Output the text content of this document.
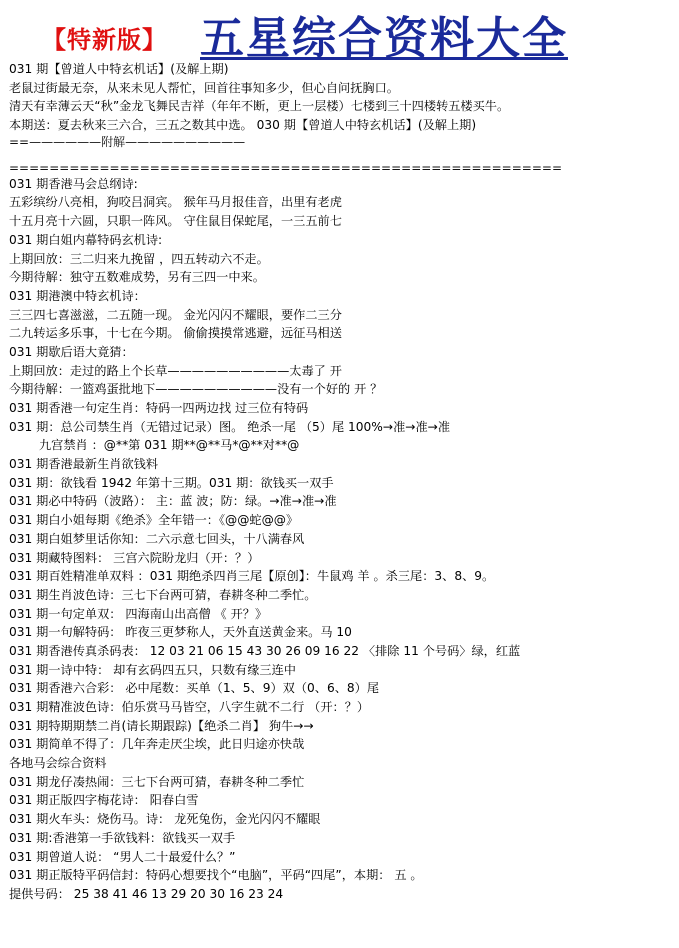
【特新版】 五星综合资料大全
031 期【曾道人中特玄机话】(及解上期)
老鼠过街最无奈，从来未见人帮忙，回首往事知多少，但心自问抚胸口。
清天有幸薄云天“秋”金龙飞舞民吉祥（年年不断，更上一层楼）七楼到三十四楼转五楼买牛。
本期送：夏去秋来三六合，三五之数其中选。 030 期【曾道人中特玄机话】(及解上期)
==——————附解——————————
=======================================================
031 期香港马会总纲诗:
五彩缤纷八亮相，狗咬吕洞宾。 猴年马月报佳音，出里有老虎
十五月亮十六圆，只职一阵风。 守住鼠目保蛇尾，一三五前七
031 期白姐内幕特码玄机诗:
上期回放：三二归来九挽留 ，四五转动六不走。
今期待解：独守五数难成势，另有三四一中来。
031 期港澳中特玄机诗：
三三四七喜滋滋，二五随一现。 金光闪闪不耀眼，要作二三分
二九转运多乐事，十七在今期。 偷偷摸摸常逃避，远征马相送
031 期歇后语大竟猜：
上期回放：走过的路上个长草——————————太毒了 开
今期待解：一篮鸡蛋批地下——————————没有一个好的 开 ？
031 期香港一句定生肖：特码一四两边找 过三位有特码
031 期：总公司禁生肖（无错过记录）图。 绝杀一尾 （5）尾 100%→准→准→准
九宫禁肖 ：@**第 031 期**@**马*@**对**@
031 期香港最新生肖欲钱料
031 期：欲钱看 1942 年第十三期。031 期：欲钱买一双手
031 期必中特码（波路）： 主：蓝 波；防：绿。→准→准→准
031 期白小姐每期《绝杀》全年错一：《@@蛇@@》
031 期白姐梦里话你知：二六示意七回头，十八满春风
031 期藏特图料： 三宫六院盼龙归（开：？）
031 期百姓精准单双料 ：031 期绝杀四肖三尾【原创】：牛鼠鸡 羊 。杀三尾：3、8、9。
031 期生肖波色诗：三七下台两可猜，春耕冬种二季忙。
031 期一句定单双： 四海南山出高僧 《 开？》
031 期一句解特码： 昨夜三更梦称人，天外直送黄金来。马 10
031 期香港传真杀码表： 12 03 21 06 15 43 30 26 09 16 22 〈排除 11 个号码〉绿，红蓝
031 期一诗中特： 却有玄码四五只，只数有缘三连中
031 期香港六合彩： 必中尾数：买单（1、5、9）双（0、6、8）尾
031 期精准波色诗：伯乐赏马马皆空，八字生就不二行 （开：？）
031 期特期期禁二肖(请长期跟踪)【绝杀二肖】 狗牛→→
031 期简单不得了：几年奔走厌尘埃，此日归途亦快哉
各地马会综合资料
031 期龙仔凑热闹：三七下台两可猜，春耕冬种二季忙
031 期正版四字梅花诗： 阳春白雪
031 期火车头：烧伤马。诗： 龙死兔伤，金光闪闪不耀眼
031 期:香港第一手欲钱料：欲钱买一双手
031 期曾道人说： “男人二十最爱什么？”
031 期正版特平码信封：特码心想要找个“电脑”，平码“四尾”，本期： 五 。
提供号码： 25 38 41 46 13 29 20 30 16 23 24
